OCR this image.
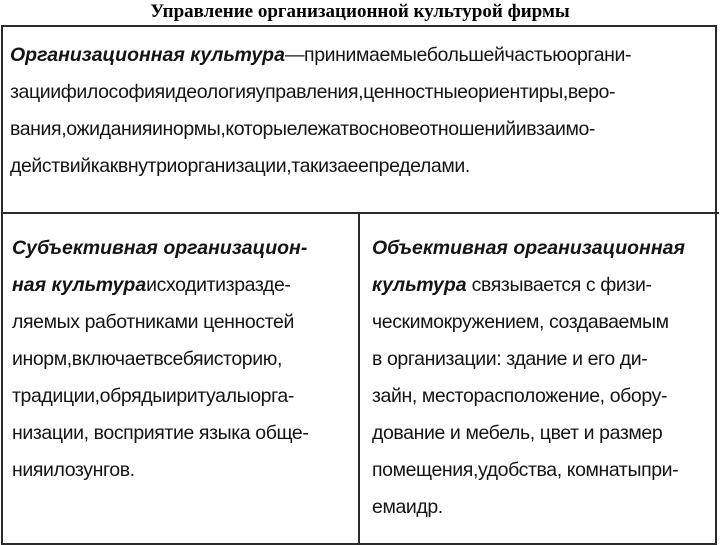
Управление организационной культурой фирмы
Организационная культура—принимаемыебольшейчастьюоргани-
зациифилософияидеологияуправления,ценностныеориентиры,веро-
вания,ожиданияинормы,которыележатвосновеотношенийивзаимо-
действийкаквнутриорганизации,такизаеепределами.
Субъективная организацион-
ная культураисходитизразде-
ляемых работниками ценностей
инорм,включаетвсебяисторию,
традиции,обрядыиритуалыорга-
низации, восприятие языка обще-
нияилозунгов.
Объективная организационная
культура связывается с физи-
ческимокружением, создаваемым
в организации: здание и его ди-
зайн, месторасположение, обору-
дование и мебель, цвет и размер
помещения,удобства, комнатыпри-
емаидр.
